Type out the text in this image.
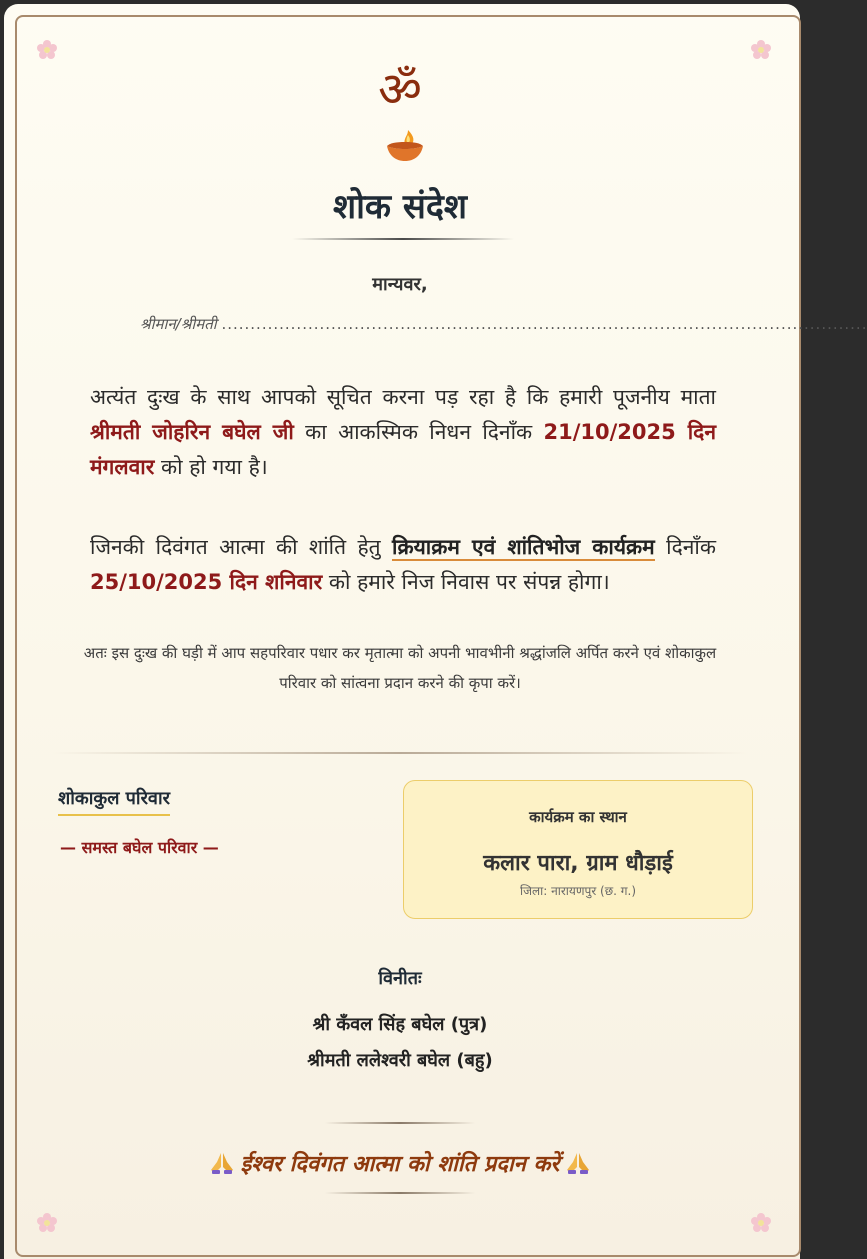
ॐ
शोक संदेश
मान्यवर,
श्रीमान/श्रीमती ................................................................................................................
अत्यंत दुःख के साथ आपको सूचित करना पड़ रहा है कि हमारी पूजनीय माता श्रीमती जोहरिन बघेल जी का आकस्मिक निधन दिनाँक 21/10/2025 दिन मंगलवार को हो गया है।
जिनकी दिवंगत आत्मा की शांति हेतु क्रियाक्रम एवं शांतिभोज कार्यक्रम दिनाँक 25/10/2025 दिन शनिवार को हमारे निज निवास पर संपन्न होगा।
अतः इस दुःख की घड़ी में आप सहपरिवार पधार कर मृतात्मा को अपनी भावभीनी श्रद्धांजलि अर्पित करने एवं शोकाकुल परिवार को सांत्वना प्रदान करने की कृपा करें।
शोकाकुल परिवार
— समस्त बघेल परिवार —
कार्यक्रम का स्थान
कलार पारा, ग्राम धौड़ाई
जिला: नारायणपुर (छ. ग.)
विनीतः
श्री कँवल सिंह बघेल (पुत्र)
श्रीमती ललेश्वरी बघेल (बहु)
ईश्वर दिवंगत आत्मा को शांति प्रदान करें
